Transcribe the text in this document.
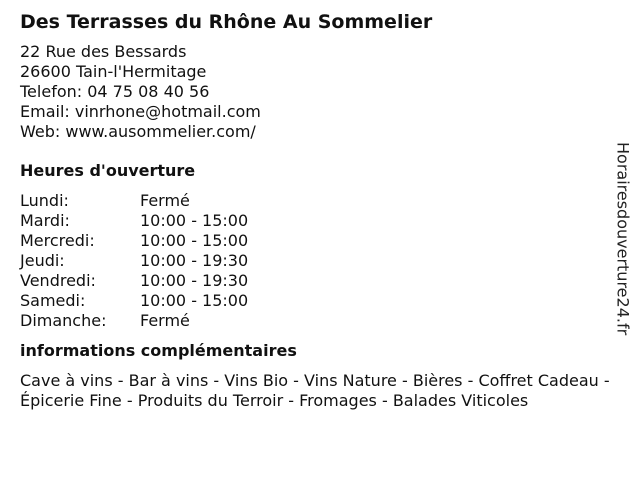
Des Terrasses du Rhône Au Sommelier
22 Rue des Bessards
26600 Tain-l'Hermitage
Telefon: 04 75 08 40 56
Email: vinrhone@hotmail.com
Web: www.ausommelier.com/
Heures d'ouverture
Lundi:	Fermé
Mardi:	10:00 - 15:00
Mercredi:	10:00 - 15:00
Jeudi:	10:00 - 19:30
Vendredi:	10:00 - 19:30
Samedi:	10:00 - 15:00
Dimanche:	Fermé
informations complémentaires
Cave à vins - Bar à vins - Vins Bio - Vins Nature - Bières - Coffret Cadeau - Épicerie Fine - Produits du Terroir - Fromages - Balades Viticoles
Horairesdouverture24.fr
